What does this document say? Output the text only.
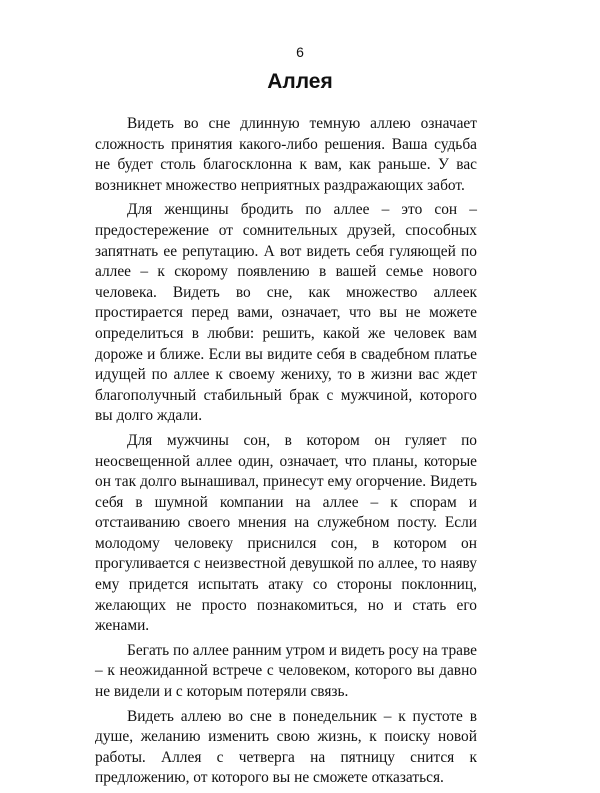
6
Аллея

Видеть во сне длинную темную аллею означает сложность принятия какого-либо решения. Ваша судьба не будет столь благосклонна к вам, как раньше. У вас возникнет множество неприятных раздражающих забот.

Для женщины бродить по аллее – это сон – предостережение от сомнительных друзей, способных запятнать ее репутацию. А вот видеть себя гуляющей по аллее – к скорому появлению в вашей семье нового человека. Видеть во сне, как множество аллеек простирается перед вами, означает, что вы не можете определиться в любви: решить, какой же человек вам дороже и ближе. Если вы видите себя в свадебном платье идущей по аллее к своему жениху, то в жизни вас ждет благополучный стабильный брак с мужчиной, которого вы долго ждали.

Для мужчины сон, в котором он гуляет по неосвещенной аллее один, означает, что планы, которые он так долго вынашивал, принесут ему огорчение. Видеть себя в шумной компании на аллее – к спорам и отстаиванию своего мнения на служебном посту. Если молодому человеку приснился сон, в котором он прогуливается с неизвестной девушкой по аллее, то наяву ему придется испытать атаку со стороны поклонниц, желающих не просто познакомиться, но и стать его женами.

Бегать по аллее ранним утром и видеть росу на траве – к неожиданной встрече с человеком, которого вы давно не видели и с которым потеряли связь.

Видеть аллею во сне в понедельник – к пустоте в душе, желанию изменить свою жизнь, к поиску новой работы. Аллея с четверга на пятницу снится к предложению, от которого вы не сможете отказаться.
